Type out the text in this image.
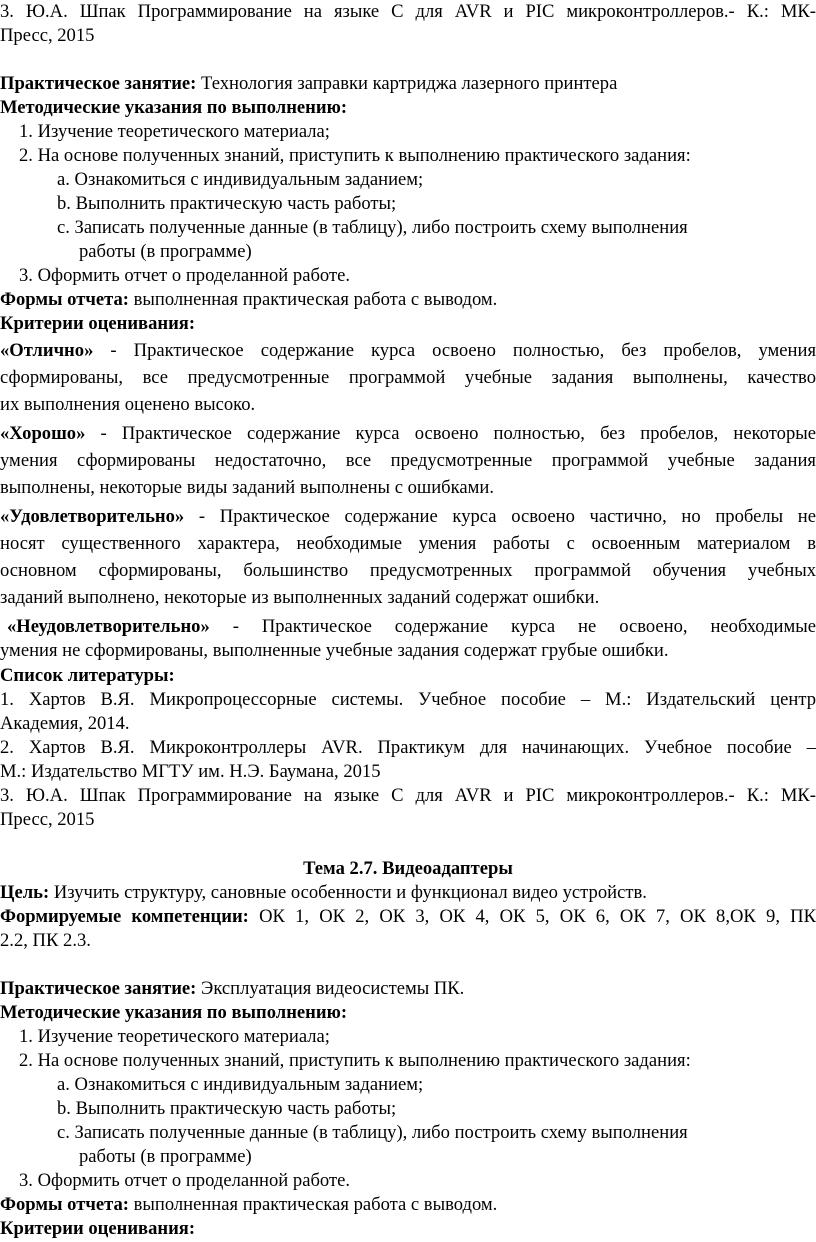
3. Ю.А. Шпак Программирование на языке С для AVR и PIC микроконтроллеров.- К.: МК-
Пресс, 2015
Практическое занятие: Технология заправки картриджа лазерного принтера
Методические указания по выполнению:
1. Изучение теоретического материала;
2. На основе полученных знаний, приступить к выполнению практического задания:
a. Ознакомиться с индивидуальным заданием;
b. Выполнить практическую часть работы;
c. Записать полученные данные (в таблицу), либо построить схему выполнения
работы (в программе)
3. Оформить отчет о проделанной работе.
Формы отчета: выполненная практическая работа с выводом.
Критерии оценивания:
«Отлично» - Практическое содержание курса освоено полностью, без пробелов, умения
сформированы, все предусмотренные программой учебные задания выполнены, качество
их выполнения оценено высоко.
«Хорошо» - Практическое содержание курса освоено полностью, без пробелов, некоторые
умения сформированы недостаточно, все предусмотренные программой учебные задания
выполнены, некоторые виды заданий выполнены с ошибками.
«Удовлетворительно» - Практическое содержание курса освоено частично, но пробелы не
носят существенного характера, необходимые умения работы с освоенным материалом в
основном сформированы, большинство предусмотренных программой обучения учебных
заданий выполнено, некоторые из выполненных заданий содержат ошибки.
«Неудовлетворительно» - Практическое содержание курса не освоено, необходимые
умения не сформированы, выполненные учебные задания содержат грубые ошибки.
Список литературы:
1. Хартов В.Я. Микропроцессорные системы. Учебное пособие – М.: Издательский центр
Академия, 2014.
2. Хартов В.Я. Микроконтроллеры AVR. Практикум для начинающих. Учебное пособие –
М.: Издательство МГТУ им. Н.Э. Баумана, 2015
3. Ю.А. Шпак Программирование на языке С для AVR и PIC микроконтроллеров.- К.: МК-
Пресс, 2015
Тема 2.7. Видеоадаптеры
Цель: Изучить структуру, сановные особенности и функционал видео устройств.
Формируемые компетенции: ОК 1, ОК 2, ОК 3, ОК 4, ОК 5, ОК 6, ОК 7, ОК 8,ОК 9, ПК
2.2, ПК 2.3.
Практическое занятие: Эксплуатация видеосистемы ПК.
Методические указания по выполнению:
1. Изучение теоретического материала;
2. На основе полученных знаний, приступить к выполнению практического задания:
a. Ознакомиться с индивидуальным заданием;
b. Выполнить практическую часть работы;
c. Записать полученные данные (в таблицу), либо построить схему выполнения
работы (в программе)
3. Оформить отчет о проделанной работе.
Формы отчета: выполненная практическая работа с выводом.
Критерии оценивания:
